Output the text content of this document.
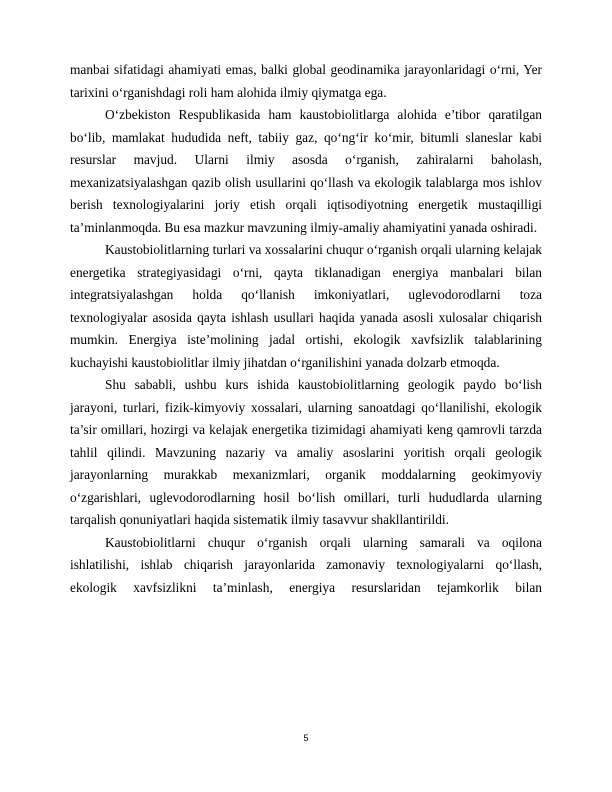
manbai sifatidagi ahamiyati emas, balki global geodinamika jarayonlaridagi o‘rni, Yer tarixini o‘rganishdagi roli ham alohida ilmiy qiymatga ega.

O‘zbekiston Respublikasida ham kaustobiolitlarga alohida e’tibor qaratilgan bo‘lib, mamlakat hududida neft, tabiiy gaz, qo‘ng‘ir ko‘mir, bitumli slaneslar kabi resurslar mavjud. Ularni ilmiy asosda o‘rganish, zahiralarni baholash, mexanizatsiyalashgan qazib olish usullarini qo‘llash va ekologik talablarga mos ishlov berish texnologiyalarini joriy etish orqali iqtisodiyotning energetik mustaqilligi ta’minlanmoqda. Bu esa mazkur mavzuning ilmiy-amaliy ahamiyatini yanada oshiradi.

Kaustobiolitlarning turlari va xossalarini chuqur o‘rganish orqali ularning kelajak energetika strategiyasidagi o‘rni, qayta tiklanadigan energiya manbalari bilan integratsiyalashgan holda qo‘llanish imkoniyatlari, uglevodorodlarni toza texnologiyalar asosida qayta ishlash usullari haqida yanada asosli xulosalar chiqarish mumkin. Energiya iste’molining jadal ortishi, ekologik xavfsizlik talablarining kuchayishi kaustobiolitlar ilmiy jihatdan o‘rganilishini yanada dolzarb etmoqda.

Shu sababli, ushbu kurs ishida kaustobiolitlarning geologik paydo bo‘lish jarayoni, turlari, fizik-kimyoviy xossalari, ularning sanoatdagi qo‘llanilishi, ekologik ta’sir omillari, hozirgi va kelajak energetika tizimidagi ahamiyati keng qamrovli tarzda tahlil qilindi. Mavzuning nazariy va amaliy asoslarini yoritish orqali geologik jarayonlarning murakkab mexanizmlari, organik moddalarning geokimyoviy o‘zgarishlari, uglevodorodlarning hosil bo‘lish omillari, turli hududlarda ularning tarqalish qonuniyatlari haqida sistematik ilmiy tasavvur shakllantirildi.

Kaustobiolitlarni chuqur o‘rganish orqali ularning samarali va oqilona ishlatilishi, ishlab chiqarish jarayonlarida zamonaviy texnologiyalarni qo‘llash, ekologik xavfsizlikni ta’minlash, energiya resurslaridan tejamkorlik bilan

5
